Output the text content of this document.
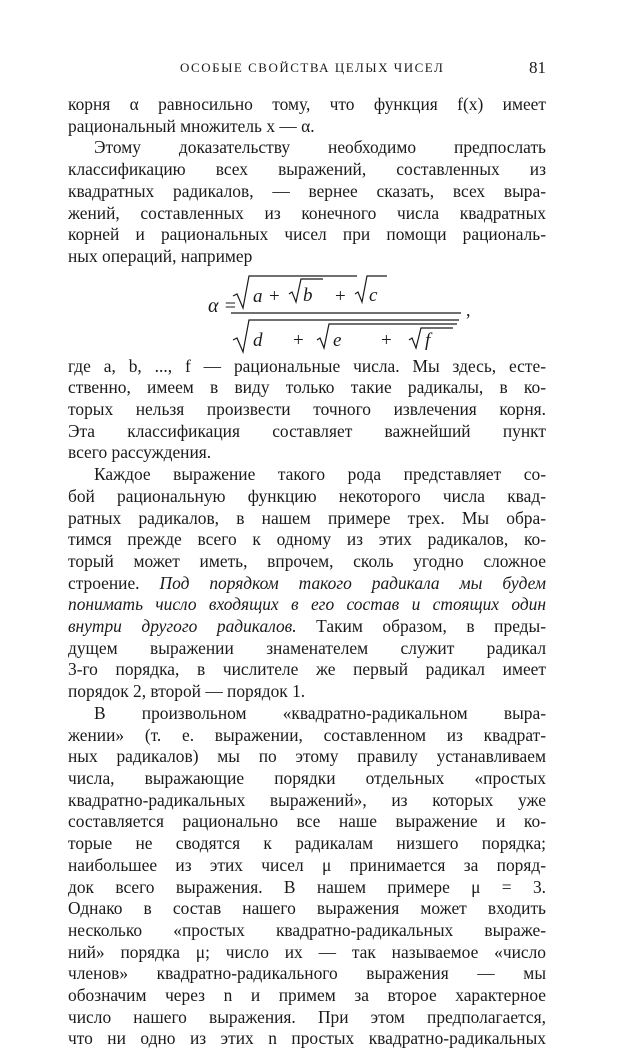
ОСОБЫЕ СВОЙСТВА ЦЕЛЫХ ЧИСЕЛ	81

корня α равносильно тому, что функция f(x) имеет

рациональный множитель x — α.

Этому доказательству необходимо предпослать

классификацию всех выражений, составленных из

квадратных радикалов, — вернее сказать, всех выра-

жений, составленных из конечного числа квадратных

корней и рациональных чисел при помощи рациональ-

ных операций, например

α = a + b + c
d + e + f
,

где a, b, ..., f — рациональные числа. Мы здесь, есте-

ственно, имеем в виду только такие радикалы, в ко-

торых нельзя произвести точного извлечения корня.

Эта классификация составляет важнейший пункт

всего рассуждения.

Каждое выражение такого рода представляет со-

бой рациональную функцию некоторого числа квад-

ратных радикалов, в нашем примере трех. Мы обра-

тимся прежде всего к одному из этих радикалов, ко-

торый может иметь, впрочем, сколь угодно сложное

строение. Под порядком такого радикала мы будем

понимать число входящих в его состав и стоящих один

внутри другого радикалов. Таким образом, в преды-

дущем выражении знаменателем служит радикал

3-го порядка, в числителе же первый радикал имеет

порядок 2, второй — порядок 1.

В произвольном «квадратно-радикальном выра-

жении» (т. е. выражении, составленном из квадрат-

ных радикалов) мы по этому правилу устанавливаем

числа, выражающие порядки отдельных «простых

квадратно-радикальных выражений», из которых уже

составляется рационально все наше выражение и ко-

торые не сводятся к радикалам низшего порядка;

наибольшее из этих чисел μ принимается за поряд-

док всего выражения. В нашем примере μ = 3.

Однако в состав нашего выражения может входить

несколько «простых квадратно-радикальных выраже-

ний» порядка μ; число их — так называемое «число

членов» квадратно-радикального выражения — мы

обозначим через n и примем за второе характерное

число нашего выражения. При этом предполагается,

что ни одно из этих n простых квадратно-радикальных
